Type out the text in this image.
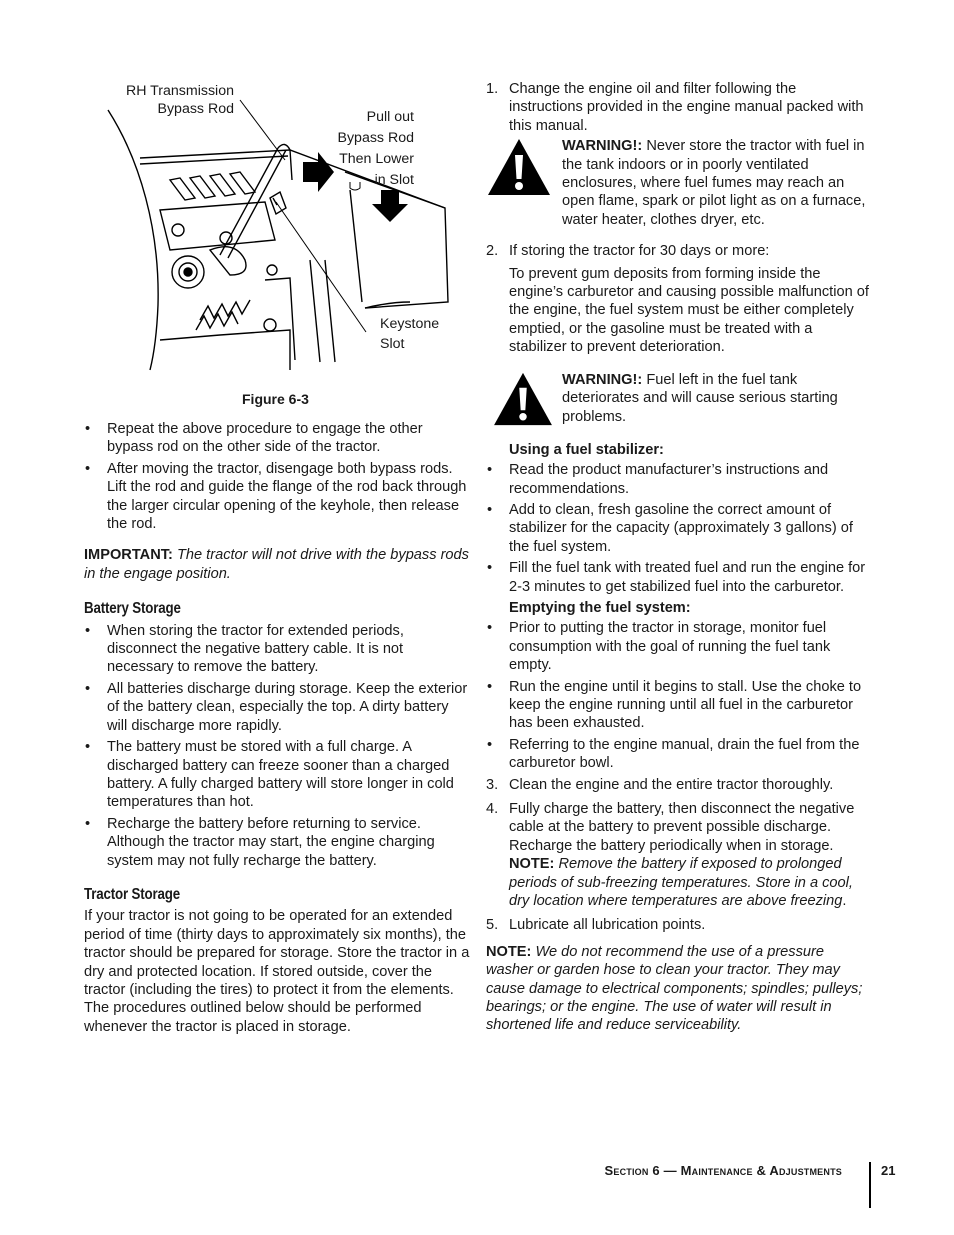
RH Transmission
Bypass Rod	Pull out
Bypass Rod
Then Lower
in Slot
Keystone
Slot
Figure 6-3
• Repeat the above procedure to engage the other bypass rod on the other side of the tractor.
• After moving the tractor, disengage both bypass rods. Lift the rod and guide the flange of the rod back through the larger circular opening of the keyhole, then release the rod.

IMPORTANT: The tractor will not drive with the bypass rods in the engage position.

Battery Storage
• When storing the tractor for extended periods, disconnect the negative battery cable. It is not necessary to remove the battery.
• All batteries discharge during storage. Keep the exterior of the battery clean, especially the top. A dirty battery will discharge more rapidly.
• The battery must be stored with a full charge. A discharged battery can freeze sooner than a charged battery. A fully charged battery will store longer in cold temperatures than hot.
• Recharge the battery before returning to service. Although the tractor may start, the engine charging system may not fully recharge the battery.
Tractor Storage

If your tractor is not going to be operated for an extended period of time (thirty days to approximately six months), the tractor should be prepared for storage. Store the tractor in a dry and protected location. If stored outside, cover the tractor (including the tires) to protect it from the elements. The procedures outlined below should be performed whenever the tractor is placed in storage.

1. Change the engine oil and filter following the instructions provided in the engine manual packed with this manual.

WARNING!: Never store the tractor with fuel in the tank indoors or in poorly ventilated enclosures, where fuel fumes may reach an open flame, spark or pilot light as on a furnace, water heater, clothes dryer, etc.

2. If storing the tractor for 30 days or more:

To prevent gum deposits from forming inside the engine’s carburetor and causing possible malfunction of the engine, the fuel system must be either completely emptied, or the gasoline must be treated with a stabilizer to prevent deterioration.

WARNING!: Fuel left in the fuel tank deteriorates and will cause serious starting problems.

Using a fuel stabilizer:
• Read the product manufacturer’s instructions and recommendations.
• Add to clean, fresh gasoline the correct amount of stabilizer for the capacity (approximately 3 gallons) of the fuel system.
• Fill the fuel tank with treated fuel and run the engine for 2-3 minutes to get stabilized fuel into the carburetor.
Emptying the fuel system:
• Prior to putting the tractor in storage, monitor fuel consumption with the goal of running the fuel tank empty.
• Run the engine until it begins to stall. Use the choke to keep the engine running until all fuel in the carburetor has been exhausted.
• Referring to the engine manual, drain the fuel from the carburetor bowl.
3. Clean the engine and the entire tractor thoroughly.
4. Fully charge the battery, then disconnect the negative cable at the battery to prevent possible discharge. Recharge the battery periodically when in storage. NOTE: Remove the battery if exposed to prolonged periods of sub-freezing temperatures. Store in a cool, dry location where temperatures are above freezing.
5. Lubricate all lubrication points.

NOTE: We do not recommend the use of a pressure washer or garden hose to clean your tractor. They may cause damage to electrical components; spindles; pulleys; bearings; or the engine. The use of water will result in shortened life and reduce serviceability.

Section 6 — Maintenance & Adjustments	21
